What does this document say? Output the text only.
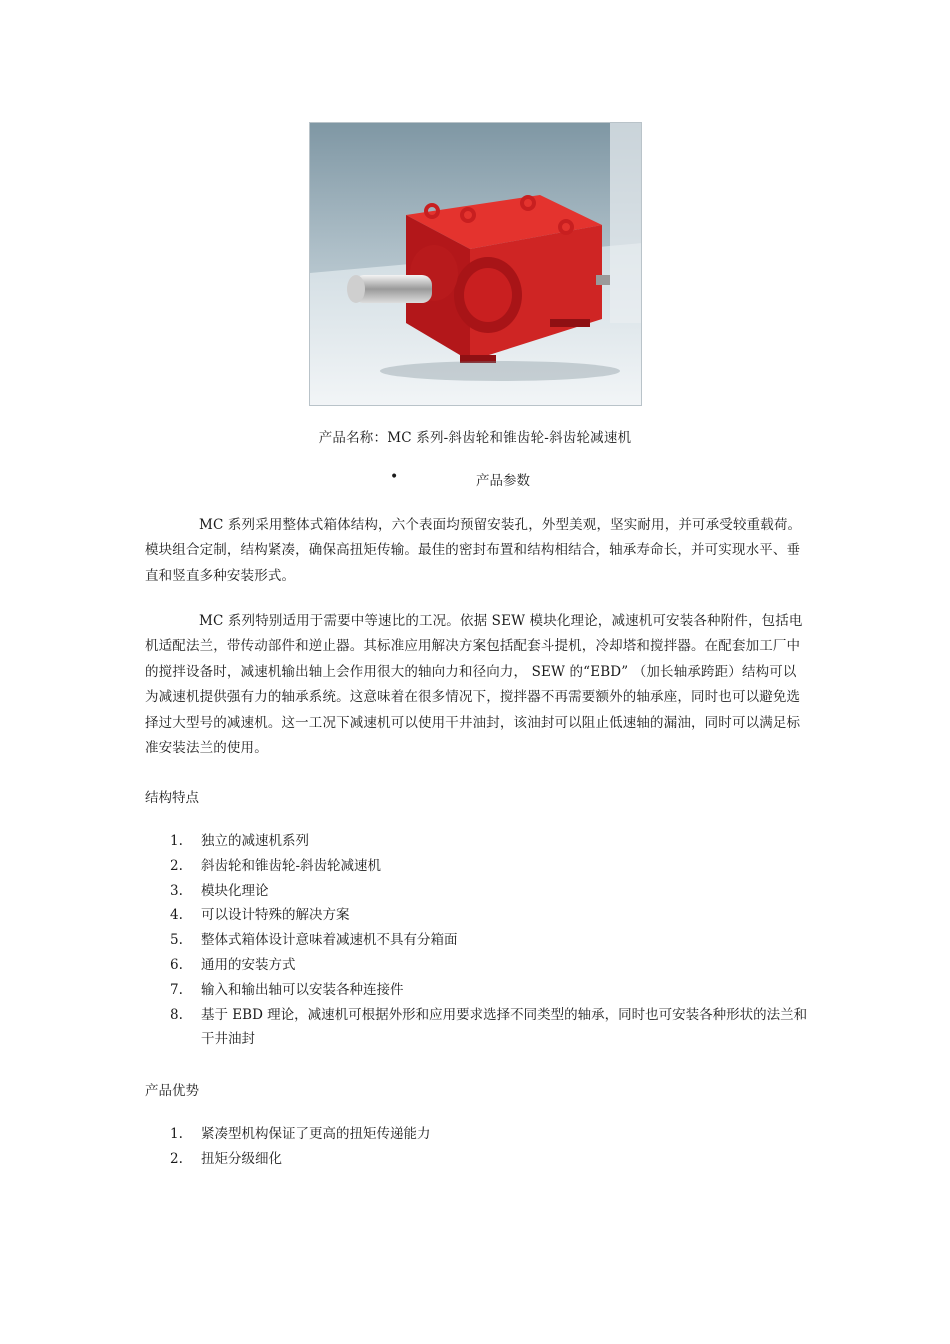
产品名称：MC 系列-斜齿轮和锥齿轮-斜齿轮减速机
•	产品参数

MC 系列采用整体式箱体结构，六个表面均预留安装孔，外型美观，坚实耐用，并可承受较重载荷。模块组合定制，结构紧凑，确保高扭矩传输。最佳的密封布置和结构相结合，轴承寿命长，并可实现水平、垂直和竖直多种安装形式。

MC 系列特别适用于需要中等速比的工况。依据 SEW 模块化理论，减速机可安装各种附件，包括电机适配法兰，带传动部件和逆止器。其标准应用解决方案包括配套斗提机，冷却塔和搅拌器。在配套加工厂中的搅拌设备时，减速机输出轴上会作用很大的轴向力和径向力， SEW 的“EBD” （加长轴承跨距）结构可以为减速机提供强有力的轴承系统。这意味着在很多情况下，搅拌器不再需要额外的轴承座，同时也可以避免选择过大型号的减速机。这一工况下减速机可以使用干井油封，该油封可以阻止低速轴的漏油，同时可以满足标准安装法兰的使用。

结构特点

1. 独立的减速机系列
2. 斜齿轮和锥齿轮-斜齿轮减速机
3. 模块化理论
4. 可以设计特殊的解决方案
5. 整体式箱体设计意味着减速机不具有分箱面
6. 通用的安装方式
7. 输入和输出轴可以安装各种连接件
8. 基于 EBD 理论，减速机可根据外形和应用要求选择不同类型的轴承，同时也可安装各种形状的法兰和干井油封

产品优势

1. 紧凑型机构保证了更高的扭矩传递能力
2. 扭矩分级细化
